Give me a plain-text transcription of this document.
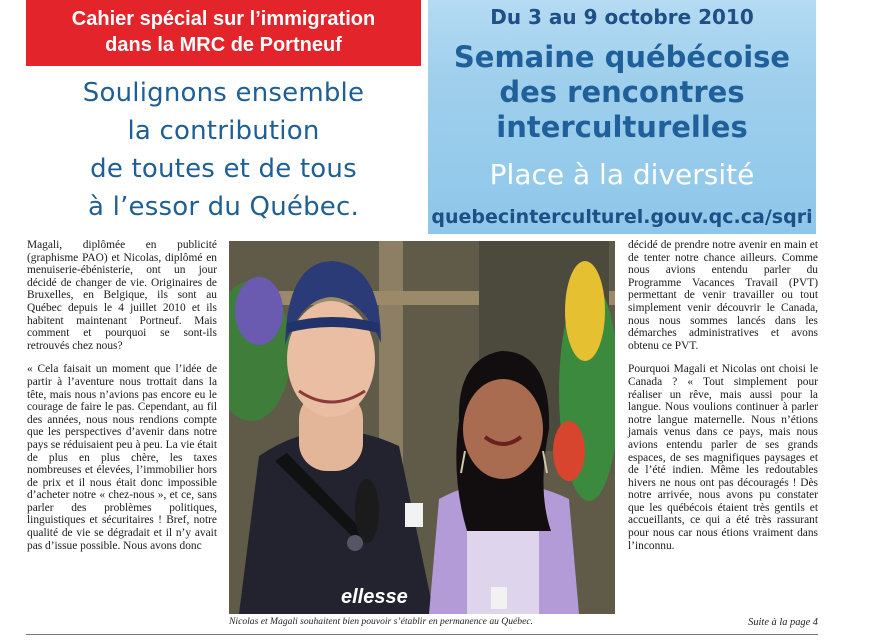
Cahier spécial sur l’immigration
dans la MRC de Portneuf
Soulignons ensemble
la contribution
de toutes et de tous
à l’essor du Québec.
Du 3 au 9 octobre 2010
Semaine québécoise
des rencontres
interculturelles
Place à la diversité
quebecinterculturel.gouv.qc.ca/sqri

Magali, diplômée en publicité (graphisme PAO) et Nicolas, diplômé en menuiserie-ébénisterie, ont un jour décidé de changer de vie. Originaires de Bruxelles, en Belgique, ils sont au Québec depuis le 4 juillet 2010 et ils habitent maintenant Portneuf. Mais comment et pourquoi se sont-ils retrouvés chez nous?

« Cela faisait un moment que l’idée de partir à l’aventure nous trottait dans la tête, mais nous n’avions pas encore eu le courage de faire le pas. Cependant, au fil des années, nous nous rendions compte que les perspectives d’avenir dans notre pays se réduisaient peu à peu. La vie était de plus en plus chère, les taxes nombreuses et élevées, l’immobilier hors de prix et il nous était donc impossible d’acheter notre « chez-nous », et ce, sans parler des problèmes politiques, linguistiques et sécuritaires ! Bref, notre qualité de vie se dégradait et il n’y avait pas d’issue possible. Nous avons donc

ellesse

décidé de prendre notre avenir en main et de tenter notre chance ailleurs. Comme nous avions entendu parler du Programme Vacances Travail (PVT) permettant de venir travailler ou tout simplement venir découvrir le Canada, nous nous sommes lancés dans les démarches administratives et avons obtenu ce PVT.

Pourquoi Magali et Nicolas ont choisi le Canada ? « Tout simplement pour réaliser un rêve, mais aussi pour la langue. Nous voulions continuer à parler notre langue maternelle. Nous n’étions jamais venus dans ce pays, mais nous avions entendu parler de ses grands espaces, de ses magnifiques paysages et de l’été indien. Même les redoutables hivers ne nous ont pas découragés ! Dès notre arrivée, nous avons pu constater que les québécois étaient très gentils et accueillants, ce qui a été très rassurant pour nous car nous étions vraiment dans l’inconnu.

Nicolas et Magali souhaitent bien pouvoir s’établir en permanence au Québec.	Suite à la page 4
